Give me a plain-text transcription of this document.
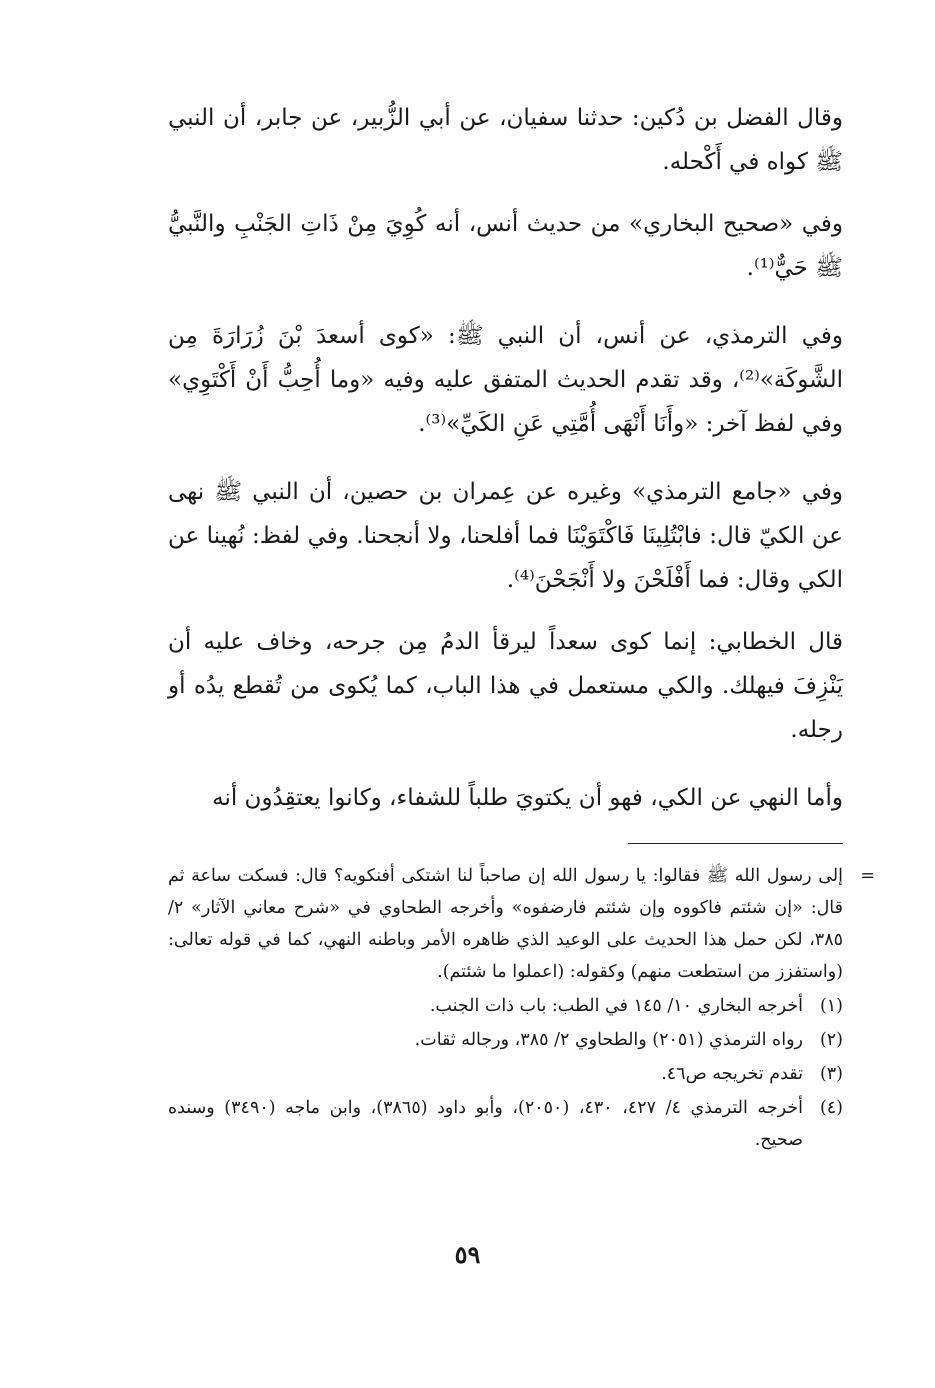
وقال الفضل بن دُكين: حدثنا سفيان، عن أبي الزُّبير، عن جابر، أن النبي ﷺ كواه في أَكْحله.

وفي «صحيح البخاري» من حديث أنس، أنه كُوِيَ مِنْ ذَاتِ الجَنْبِ والنَّبيُّ ﷺ حَيٌّ⁽¹⁾.

وفي الترمذي، عن أنس، أن النبي ﷺ: «كوى أسعدَ بْنَ زُرَارَةَ مِن الشَّوكَة»⁽²⁾، وقد تقدم الحديث المتفق عليه وفيه «وما أُحِبُّ أَنْ أَكْتَوِي» وفي لفظ آخر: «وأَنَا أَنْهَى أُمَّتِي عَنِ الكَيِّ»⁽³⁾.

وفي «جامع الترمذي» وغيره عن عِمران بن حصين، أن النبي ﷺ نهى عن الكيّ قال: فابْتُلِينَا فَاكْتَوَيْنَا فما أفلحنا، ولا أنجحنا. وفي لفظ: نُهينا عن الكي وقال: فما أَفْلَحْنَ ولا أَنْجَحْنَ⁽⁴⁾.

قال الخطابي: إنما كوى سعداً ليرقأ الدمُ مِن جرحه، وخاف عليه أن يَنْزِفَ فيهلك. والكي مستعمل في هذا الباب، كما يُكوى من تُقطع يدُه أو رجله.

وأما النهي عن الكي، فهو أن يكتويَ طلباً للشفاء، وكانوا يعتقِدُون أنه

=
إلى رسول الله ﷺ فقالوا: يا رسول الله إن صاحباً لنا اشتكى أفنكويه؟ قال: فسكت ساعة ثم قال: «إن شئتم فاكووه وإن شئتم فارضفوه» وأخرجه الطحاوي في «شرح معاني الآثار» ٢/ ٣٨٥، لكن حمل هذا الحديث على الوعيد الذي ظاهره الأمر وباطنه النهي، كما في قوله تعالى: (واستفزز من استطعت منهم) وكقوله: (اعملوا ما شئتم).
(١)
أخرجه البخاري ١٠/ ١٤٥ في الطب: باب ذات الجنب.
(٢)
رواه الترمذي (٢٠٥١) والطحاوي ٢/ ٣٨٥، ورجاله ثقات.
(٣)
تقدم تخريجه ص٤٦.
(٤)
أخرجه الترمذي ٤/ ٤٢٧، ٤٣٠، (٢٠٥٠)، وأبو داود (٣٨٦٥)، وابن ماجه (٣٤٩٠) وسنده صحيح.
٥٩
